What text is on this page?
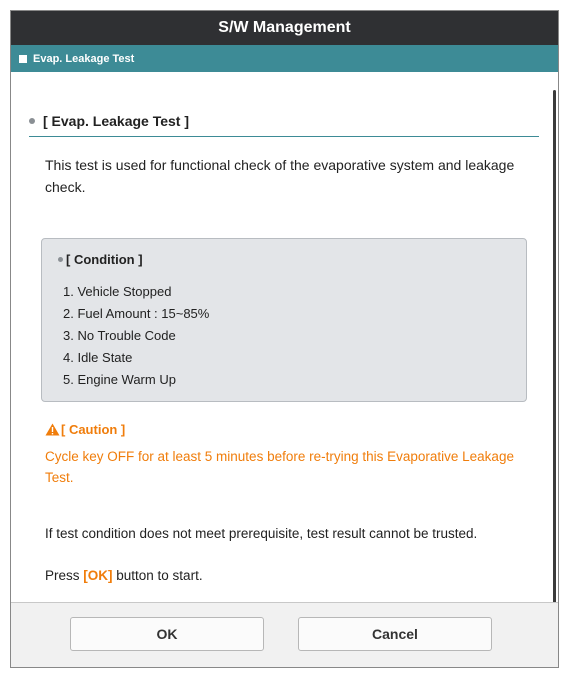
S/W Management
Evap. Leakage Test
[ Evap. Leakage Test ]
This test is used for functional check of the evaporative system and leakage check.
[ Condition ]
1. Vehicle Stopped
2. Fuel Amount : 15~85%
3. No Trouble Code
4. Idle State
5. Engine Warm Up
[ Caution ]
Cycle key OFF for at least 5 minutes before re-trying this Evaporative Leakage Test.
If test condition does not meet prerequisite, test result cannot be trusted.
Press [OK] button to start.
OK	Cancel
